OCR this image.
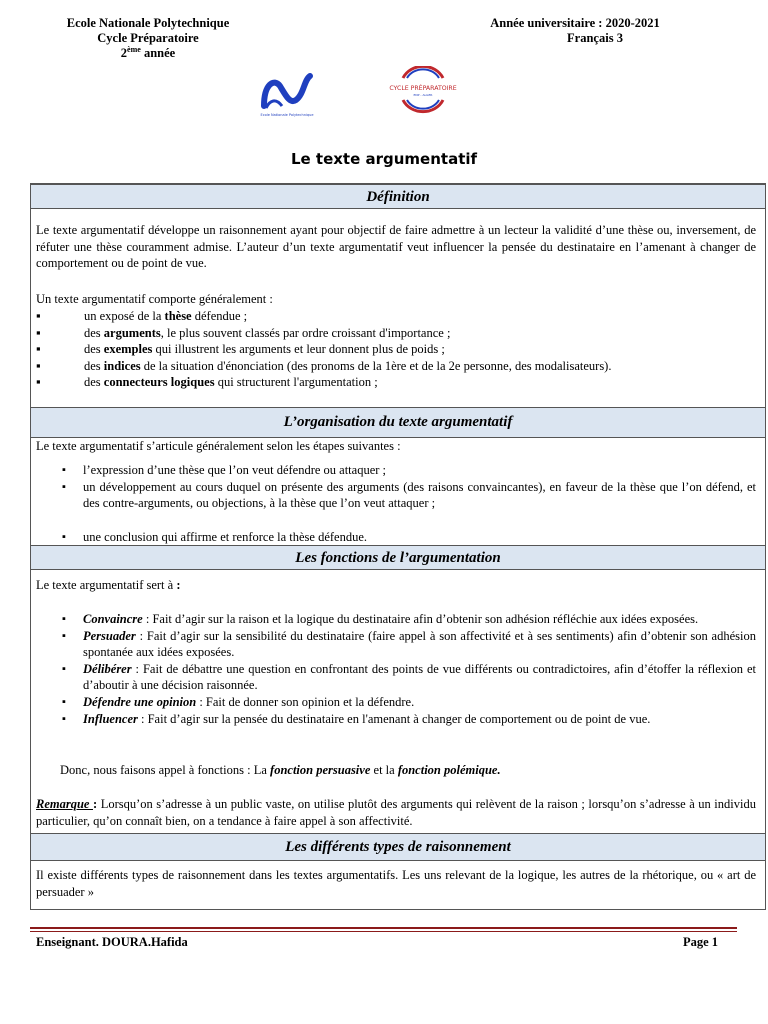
Ecole Nationale Polytechnique
Cycle Préparatoire
2ème année
Année universitaire : 2020-2021
Français 3
Ecole Nationale Polytechnique
CYCLE PRÉPARATOIRE
ENP - ALGER
Le texte argumentatif
Définition
Le texte argumentatif développe un raisonnement ayant pour objectif de faire admettre à un lecteur la validité d’une thèse ou, inversement, de réfuter une thèse couramment admise. L’auteur d’un texte argumentatif veut influencer la pensée du destinataire en l’amenant à changer de comportement ou de point de vue.
Un texte argumentatif comporte généralement :
▪ un exposé de la thèse défendue ;
▪ des arguments, le plus souvent classés par ordre croissant d'importance ;
▪ des exemples qui illustrent les arguments et leur donnent plus de poids ;
▪ des indices de la situation d'énonciation (des pronoms de la 1ère et de la 2e personne, des modalisateurs).
▪ des connecteurs logiques qui structurent l'argumentation ;
L’organisation du texte argumentatif
Le texte argumentatif s’articule généralement selon les étapes suivantes :
▪ l’expression d’une thèse que l’on veut défendre ou attaquer ;
▪ un développement au cours duquel on présente des arguments (des raisons convaincantes), en faveur de la thèse que l’on défend, et des contre-arguments, ou objections, à la thèse que l’on veut attaquer ;
▪ une conclusion qui affirme et renforce la thèse défendue.
Les fonctions de l’argumentation
Le texte argumentatif sert à :
▪ Convaincre : Fait d’agir sur la raison et la logique du destinataire afin d’obtenir son adhésion réfléchie aux idées exposées.
▪ Persuader : Fait d’agir sur la sensibilité du destinataire (faire appel à son affectivité et à ses sentiments) afin d’obtenir son adhésion spontanée aux idées exposées.
▪ Délibérer : Fait de débattre une question en confrontant des points de vue différents ou contradictoires, afin d’étoffer la réflexion et d’aboutir à une décision raisonnée.
▪ Défendre une opinion : Fait de donner son opinion et la défendre.
▪ Influencer : Fait d’agir sur la pensée du destinataire en l'amenant à changer de comportement ou de point de vue.
Donc, nous faisons appel à fonctions : La fonction persuasive et la fonction polémique.
Remarque : Lorsqu’on s’adresse à un public vaste, on utilise plutôt des arguments qui relèvent de la raison ; lorsqu’on s’adresse à un individu particulier, qu’on connaît bien, on a tendance à faire appel à son affectivité.
Les différents types de raisonnement
Il existe différents types de raisonnement dans les textes argumentatifs. Les uns relevant de la logique, les autres de la rhétorique, ou « art de persuader »
Enseignant. DOURA.Hafida	Page 1
